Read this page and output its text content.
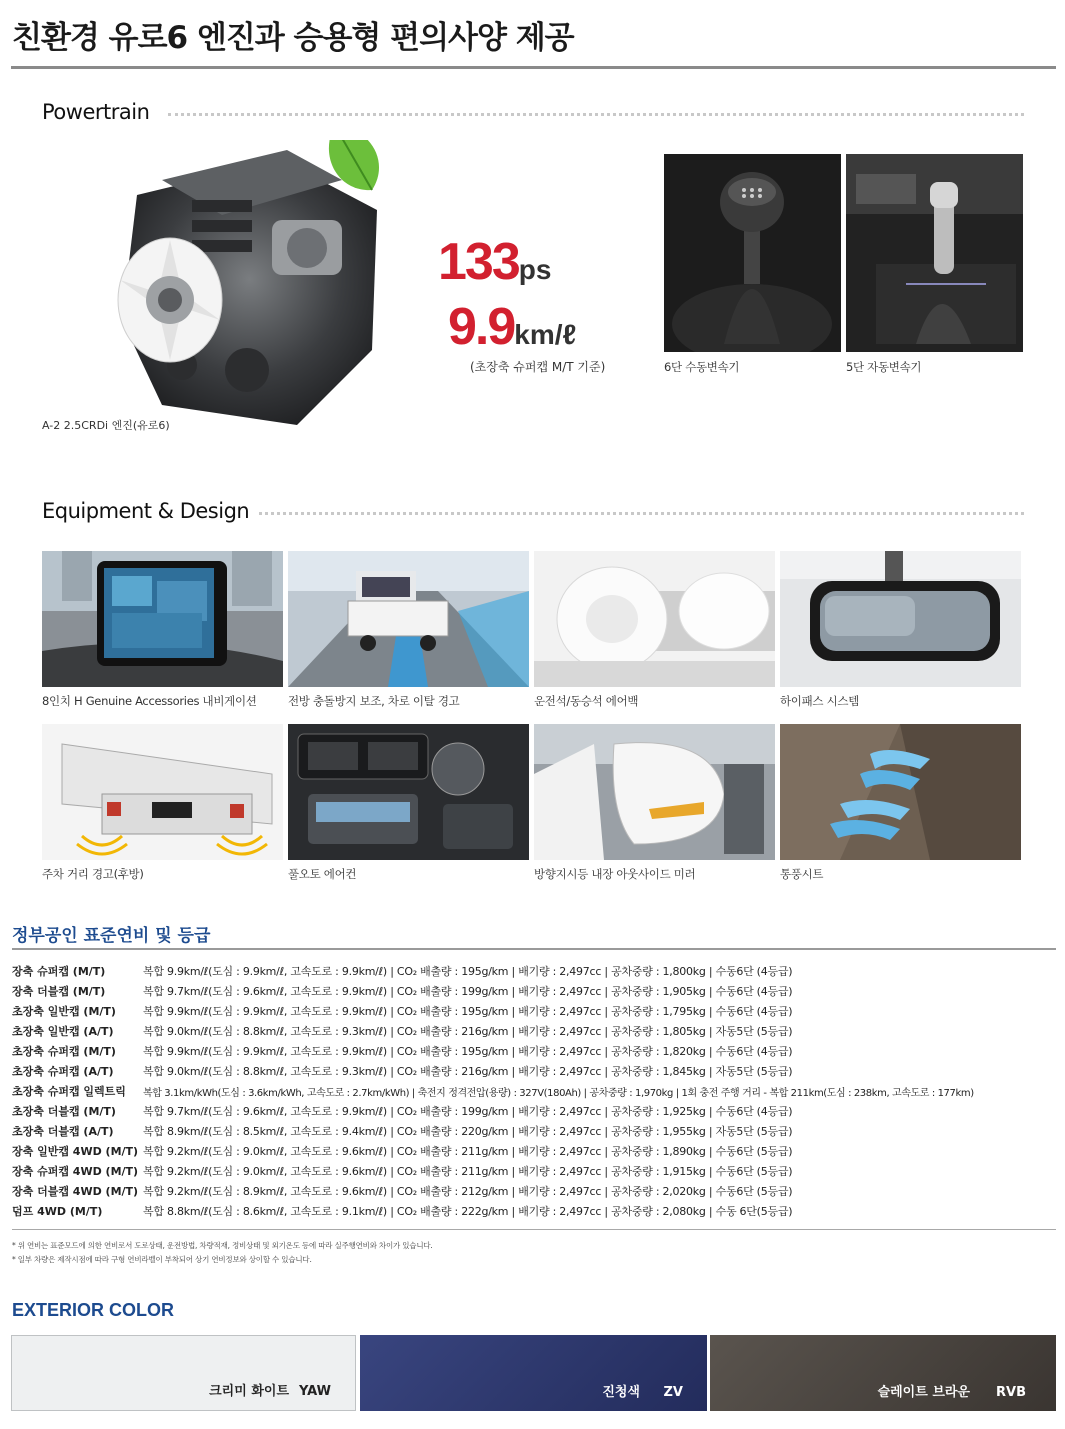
친환경 유로6 엔진과 승용형 편의사양 제공
Powertrain
A-2 2.5CRDi 엔진(유로6)
133ps
9.9km/ℓ
(초장축 슈퍼캡 M/T 기준)	6단 수동변속기	5단 자동변속기
Equipment & Design
8인치 H Genuine Accessories 내비게이션	전방 충돌방지 보조, 차로 이탈 경고	운전석/동승석 에어백	하이패스 시스템
주차 거리 경고(후방)	풀오토 에어컨	방향지시등 내장 아웃사이드 미러	통풍시트
정부공인 표준연비 및 등급
장축 슈퍼캡 (M/T)	복합 9.9km/ℓ(도심 : 9.9km/ℓ, 고속도로 : 9.9km/ℓ) | CO₂ 배출량 : 195g/km | 배기량 : 2,497cc | 공차중량 : 1,800kg | 수동6단 (4등급)
장축 더블캡 (M/T)	복합 9.7km/ℓ(도심 : 9.6km/ℓ, 고속도로 : 9.9km/ℓ) | CO₂ 배출량 : 199g/km | 배기량 : 2,497cc | 공차중량 : 1,905kg | 수동6단 (4등급)
초장축 일반캡 (M/T)	복합 9.9km/ℓ(도심 : 9.9km/ℓ, 고속도로 : 9.9km/ℓ) | CO₂ 배출량 : 195g/km | 배기량 : 2,497cc | 공차중량 : 1,795kg | 수동6단 (4등급)
초장축 일반캡 (A/T)	복합 9.0km/ℓ(도심 : 8.8km/ℓ, 고속도로 : 9.3km/ℓ) | CO₂ 배출량 : 216g/km | 배기량 : 2,497cc | 공차중량 : 1,805kg | 자동5단 (5등급)
초장축 슈퍼캡 (M/T)	복합 9.9km/ℓ(도심 : 9.9km/ℓ, 고속도로 : 9.9km/ℓ) | CO₂ 배출량 : 195g/km | 배기량 : 2,497cc | 공차중량 : 1,820kg | 수동6단 (4등급)
초장축 슈퍼캡 (A/T)	복합 9.0km/ℓ(도심 : 8.8km/ℓ, 고속도로 : 9.3km/ℓ) | CO₂ 배출량 : 216g/km | 배기량 : 2,497cc | 공차중량 : 1,845kg | 자동5단 (5등급)
초장축 슈퍼캡 일렉트릭	복합 3.1km/kWh(도심 : 3.6km/kWh, 고속도로 : 2.7km/kWh) | 축전지 정격전압(용량) : 327V(180Ah) | 공차중량 : 1,970kg | 1회 충전 주행 거리 - 복합 211km(도심 : 238km, 고속도로 : 177km)
초장축 더블캡 (M/T)	복합 9.7km/ℓ(도심 : 9.6km/ℓ, 고속도로 : 9.9km/ℓ) | CO₂ 배출량 : 199g/km | 배기량 : 2,497cc | 공차중량 : 1,925kg | 수동6단 (4등급)
초장축 더블캡 (A/T)	복합 8.9km/ℓ(도심 : 8.5km/ℓ, 고속도로 : 9.4km/ℓ) | CO₂ 배출량 : 220g/km | 배기량 : 2,497cc | 공차중량 : 1,955kg | 자동5단 (5등급)
장축 일반캡 4WD (M/T)	복합 9.2km/ℓ(도심 : 9.0km/ℓ, 고속도로 : 9.6km/ℓ) | CO₂ 배출량 : 211g/km | 배기량 : 2,497cc | 공차중량 : 1,890kg | 수동6단 (5등급)
장축 슈퍼캡 4WD (M/T)	복합 9.2km/ℓ(도심 : 9.0km/ℓ, 고속도로 : 9.6km/ℓ) | CO₂ 배출량 : 211g/km | 배기량 : 2,497cc | 공차중량 : 1,915kg | 수동6단 (5등급)
장축 더블캡 4WD (M/T)	복합 9.2km/ℓ(도심 : 8.9km/ℓ, 고속도로 : 9.6km/ℓ) | CO₂ 배출량 : 212g/km | 배기량 : 2,497cc | 공차중량 : 2,020kg | 수동6단 (5등급)
덤프 4WD (M/T)	복합 8.8km/ℓ(도심 : 8.6km/ℓ, 고속도로 : 9.1km/ℓ) | CO₂ 배출량 : 222g/km | 배기량 : 2,497cc | 공차중량 : 2,080kg | 수동 6단(5등급)
* 위 연비는 표준모드에 의한 연비로서 도로상태, 운전방법, 차량적재, 정비상태 및 외기온도 등에 따라 실주행연비와 차이가 있습니다.
* 일부 차량은 제작시점에 따라 구형 연비라벨이 부착되어 상기 연비정보와 상이할 수 있습니다.
EXTERIOR COLOR
크리미 화이트 YAW	진청색 ZV	슬레이트 브라운 RVB
